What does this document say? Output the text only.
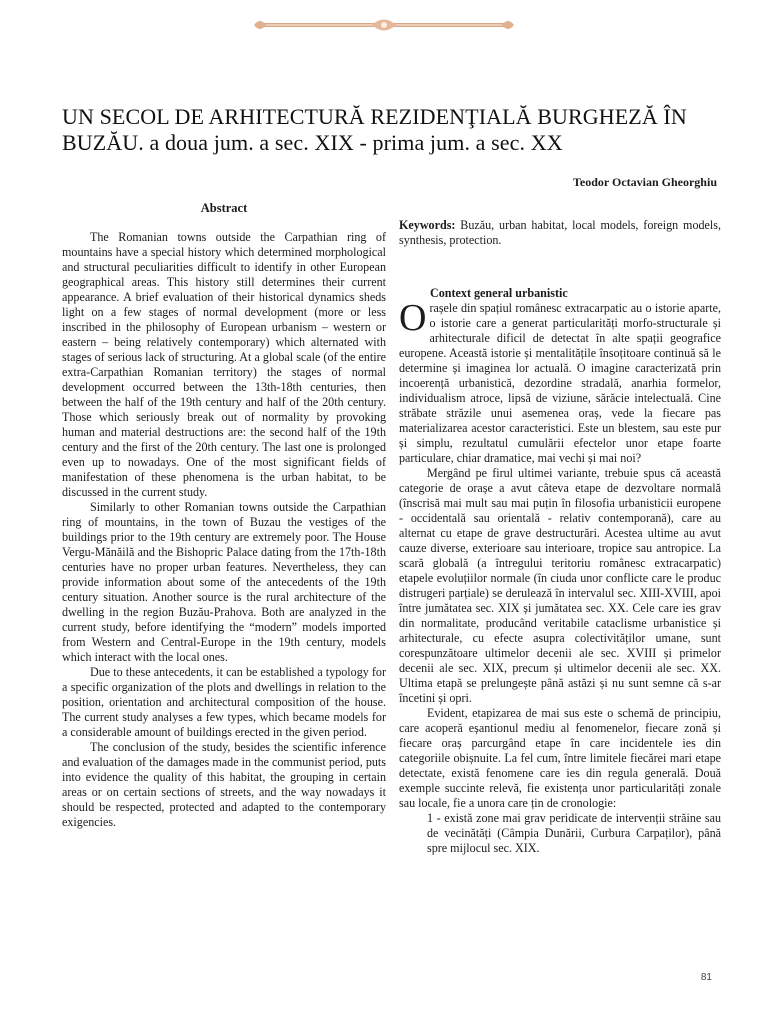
UN SECOL DE ARHITECTURĂ REZIDENŢIALĂ BURGHEZĂ ÎN BUZĂU. a doua jum. a sec. XIX - prima jum. a sec. XX
Teodor Octavian Gheorghiu
Abstract

The Romanian towns outside the Carpathian ring of mountains have a special history which determined morphological and structural peculiarities difficult to identify in other European geographical areas. This history still determines their current appearance. A brief evaluation of their historical dynamics sheds light on a few stages of normal development (more or less inscribed in the philosophy of European urbanism – western or eastern – being relatively contemporary) which alternated with stages of serious lack of structuring. At a global scale (of the entire extra-Carpathian Romanian territory) the stages of normal development occurred between the 13th-18th centuries, then between the half of the 19th century and half of the 20th century. Those which seriously break out of normality by provoking human and material destructions are: the second half of the 19th century and the first of the 20th century. The last one is prolonged even up to nowadays. One of the most significant fields of manifestation of these phenomena is the urban habitat, to be discussed in the current study.

Similarly to other Romanian towns outside the Carpathian ring of mountains, in the town of Buzau the vestiges of the buildings prior to the 19th century are extremely poor. The House Vergu-Mănăilă and the Bishopric Palace dating from the 17th-18th centuries have no proper urban features. Nevertheless, they can provide information about some of the antecedents of the 19th century situation. Another source is the rural architecture of the dwelling in the region Buzău-Prahova. Both are analyzed in the current study, before identifying the “modern” models imported from Western and Central-Europe in the 19th century, models which interact with the local ones.

Due to these antecedents, it can be established a typology for a specific organization of the plots and dwellings in relation to the position, orientation and architectural composition of the house. The current study analyses a few types, which became models for a considerable amount of buildings erected in the given period.

The conclusion of the study, besides the scientific inference and evaluation of the damages made in the communist period, puts into evidence the quality of this habitat, the grouping in certain areas or on certain sections of streets, and the way nowadays it should be respected, protected and adapted to the contemporary exigencies.

Keywords: Buzău, urban habitat, local models, foreign models, synthesis, protection.

Context general urbanistic

Orașele din spațiul românesc extracarpatic au o istorie aparte, o istorie care a generat particularități morfo-structurale și arhitecturale dificil de detectat în alte spații geografice europene. Această istorie și mentalitățile însoțitoare continuă să le determine și imaginea lor actuală. O imagine caracterizată prin incoerență urbanistică, dezordine stradală, anarhia formelor, individualism atroce, lipsă de viziune, sărăcie intelectuală. Cine străbate străzile unui asemenea oraș, vede la fiecare pas materializarea acestor caracteristici. Este un blestem, sau este pur și simplu, rezultatul cumulării efectelor unor etape foarte particulare, chiar dramatice, mai vechi și mai noi?

Mergând pe firul ultimei variante, trebuie spus că această categorie de orașe a avut câteva etape de dezvoltare normală (înscrisă mai mult sau mai puțin în filosofia urbanisticii europene - occidentală sau orientală - relativ contemporană), care au alternat cu etape de grave destructurări. Acestea ultime au avut cauze diverse, exterioare sau interioare, tropice sau antropice. La scară globală (a întregului teritoriu românesc extracarpatic) etapele evoluțiilor normale (în ciuda unor conflicte care le produc distrugeri parțiale) se derulează în intervalul sec. XIII-XVIII, apoi între jumătatea sec. XIX și jumătatea sec. XX. Cele care ies grav din normalitate, producând veritabile cataclisme urbanistice și arhitecturale, cu efecte asupra colectivităților umane, sunt corespunzătoare ultimelor decenii ale sec. XVIII și primelor decenii ale sec. XIX, precum și ultimelor decenii ale sec. XX. Ultima etapă se prelungește până astăzi și nu sunt semne că s-ar încetini și opri.

Evident, etapizarea de mai sus este o schemă de principiu, care acoperă eșantionul mediu al fenomenelor, fiecare zonă și fiecare oraș parcurgând etape în care incidentele ies din categoriile obișnuite. La fel cum, între limitele fiecărei mari etape detectate, există fenomene care ies din regula generală. Două exemple succinte relevă, fie existența unor particularități zonale sau locale, fie a unora care țin de cronologie:

1 - există zone mai grav peridicate de intervenții străine sau de vecinătăți (Câmpia Dunării, Curbura Carpaților), până spre mijlocul sec. XIX.

81
